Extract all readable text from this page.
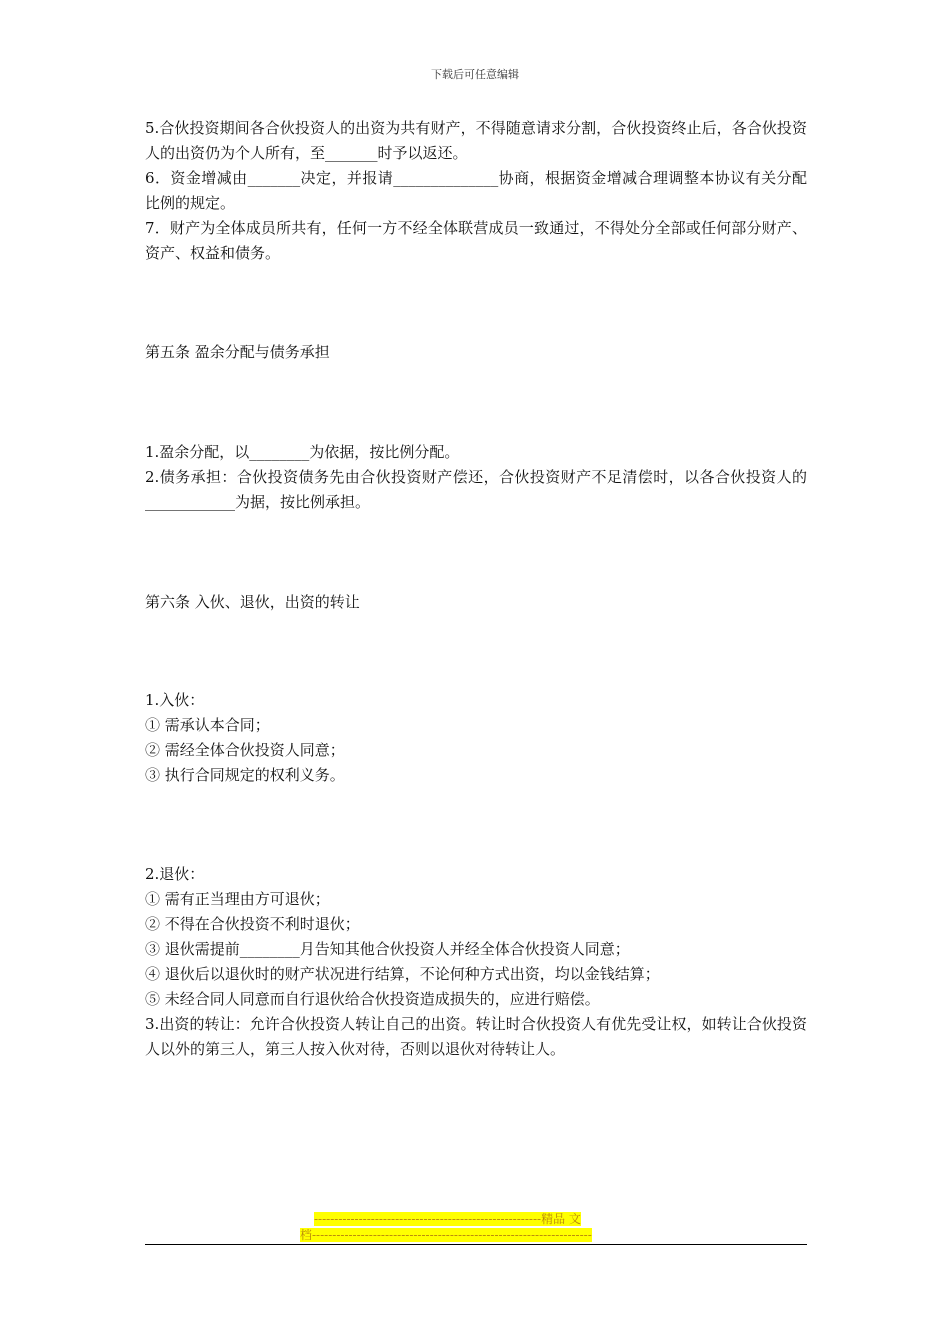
下载后可任意编辑

5.合伙投资期间各合伙投资人的出资为共有财产，不得随意请求分割，合伙投资终止后，各合伙投资人的出资仍为个人所有，至_______时予以返还。

6．资金增减由_______决定，并报请______________协商，根据资金增减合理调整本协议有关分配比例的规定。

7．财产为全体成员所共有，任何一方不经全体联营成员一致通过，不得处分全部或任何部分财产、资产、权益和债务。

第五条 盈余分配与债务承担

1.盈余分配，以________为依据，按比例分配。

2.债务承担：合伙投资债务先由合伙投资财产偿还，合伙投资财产不足清偿时，以各合伙投资人的____________为据，按比例承担。

第六条 入伙、退伙，出资的转让

1.入伙：

① 需承认本合同；

② 需经全体合伙投资人同意；

③ 执行合同规定的权利义务。

2.退伙：

① 需有正当理由方可退伙；

② 不得在合伙投资不利时退伙；

③ 退伙需提前________月告知其他合伙投资人并经全体合伙投资人同意；

④ 退伙后以退伙时的财产状况进行结算，不论何种方式出资，均以金钱结算；

⑤ 未经合同人同意而自行退伙给合伙投资造成损失的，应进行赔偿。

3.出资的转让：允许合伙投资人转让自己的出资。转让时合伙投资人有优先受让权，如转让合伙投资人以外的第三人，第三人按入伙对待，否则以退伙对待转让人。

--------------------------------------------------------精品 文
档---------------------------------------------------------------------
